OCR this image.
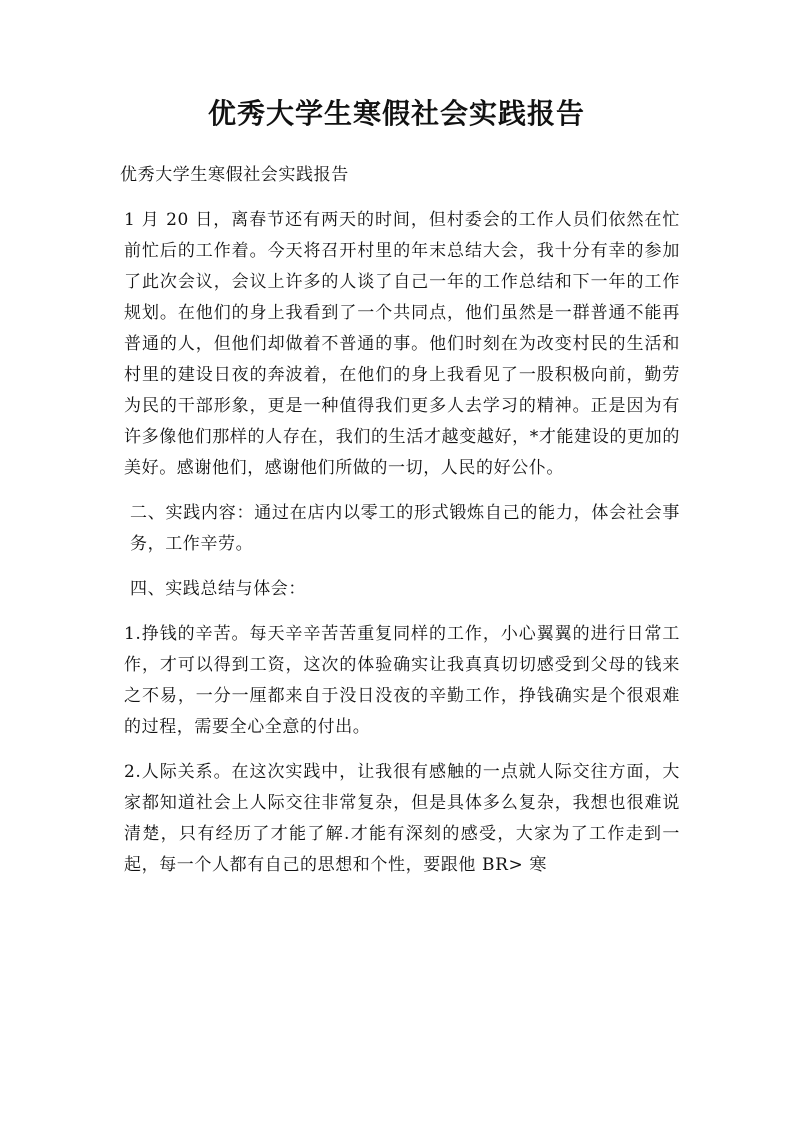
优秀大学生寒假社会实践报告

优秀大学生寒假社会实践报告

1 月 20 日，离春节还有两天的时间，但村委会的工作人员们依然在忙前忙后的工作着。今天将召开村里的年末总结大会，我十分有幸的参加了此次会议，会议上许多的人谈了自己一年的工作总结和下一年的工作规划。在他们的身上我看到了一个共同点，他们虽然是一群普通不能再普通的人，但他们却做着不普通的事。他们时刻在为改变村民的生活和村里的建设日夜的奔波着，在他们的身上我看见了一股积极向前，勤劳为民的干部形象，更是一种值得我们更多人去学习的精神。正是因为有许多像他们那样的人存在，我们的生活才越变越好，*才能建设的更加的美好。感谢他们，感谢他们所做的一切，人民的好公仆。

二、实践内容：通过在店内以零工的形式锻炼自己的能力，体会社会事务，工作辛劳。

四、实践总结与体会：

1.挣钱的辛苦。每天辛辛苦苦重复同样的工作，小心翼翼的进行日常工作，才可以得到工资，这次的体验确实让我真真切切感受到父母的钱来之不易，一分一厘都来自于没日没夜的辛勤工作，挣钱确实是个很艰难的过程，需要全心全意的付出。

2.人际关系。在这次实践中，让我很有感触的一点就人际交往方面，大家都知道社会上人际交往非常复杂，但是具体多么复杂，我想也很难说清楚，只有经历了才能了解.才能有深刻的感受，大家为了工作走到一起，每一个人都有自己的思想和个性，要跟他 BR> 寒
